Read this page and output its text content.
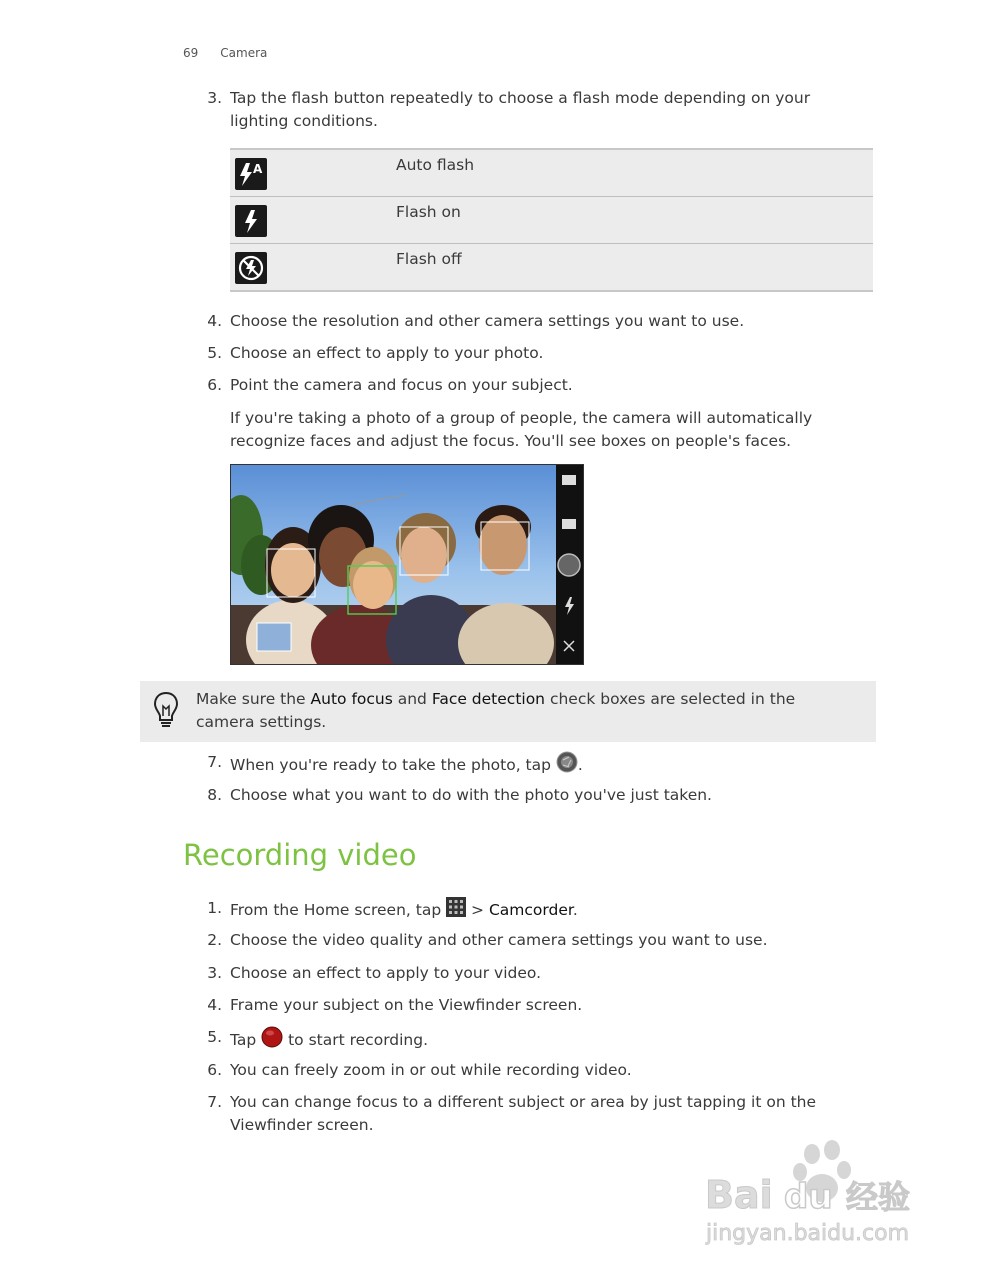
69 Camera
3. Tap the flash button repeatedly to choose a flash mode depending on your lighting conditions.
A	Auto flash
Flash on
Flash off
4. Choose the resolution and other camera settings you want to use.
5. Choose an effect to apply to your photo.
6. Point the camera and focus on your subject.
If you're taking a photo of a group of people, the camera will automatically recognize faces and adjust the focus. You'll see boxes on people's faces.
Make sure the Auto focus and Face detection check boxes are selected in the camera settings.
7. When you're ready to take the photo, tap .
8. Choose what you want to do with the photo you've just taken.
Recording video
1. From the Home screen, tap  > Camcorder.
2. Choose the video quality and other camera settings you want to use.
3. Choose an effect to apply to your video.
4. Frame your subject on the Viewfinder screen.
5. Tap  to start recording.
6. You can freely zoom in or out while recording video.
7. You can change focus to a different subject or area by just tapping it on the Viewfinder screen.
Bai du 经验
jingyan.baidu.com
